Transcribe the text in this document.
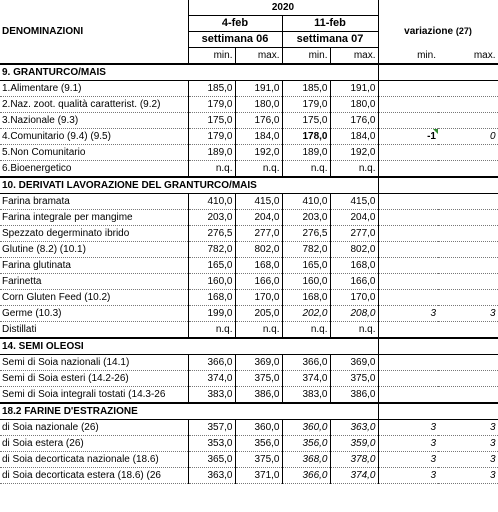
DENOMINAZIONI	2020					
	4-feb		11-feb		variazione (27)	
	settimana 06		settimana 07			
	min.	max.	min.	max.	min.	max.
9. GRANTURCO/MAIS						
1.Alimentare (9.1)	185,0	191,0	185,0	191,0		
2.Naz. zoot. qualità caratterist. (9.2)	179,0	180,0	179,0	180,0		
3.Nazionale (9.3)	175,0	176,0	175,0	176,0		
4.Comunitario (9.4) (9.5)	179,0	184,0	178,0	184,0	-1	0
5.Non Comunitario	189,0	192,0	189,0	192,0		
6.Bioenergetico	n.q.	n.q.	n.q.	n.q.		
10. DERIVATI LAVORAZIONE DEL GRANTURCO/MAIS						
Farina bramata	410,0	415,0	410,0	415,0		
Farina integrale per mangime	203,0	204,0	203,0	204,0		
Spezzato degerminato ibrido	276,5	277,0	276,5	277,0		
Glutine (8.2) (10.1)	782,0	802,0	782,0	802,0		
Farina glutinata	165,0	168,0	165,0	168,0		
Farinetta	160,0	166,0	160,0	166,0		
Corn Gluten Feed (10.2)	168,0	170,0	168,0	170,0		
Germe (10.3)	199,0	205,0	202,0	208,0	3	3
Distillati	n.q.	n.q.	n.q.	n.q.		
14. SEMI OLEOSI						
Semi di Soia nazionali (14.1)	366,0	369,0	366,0	369,0		
Semi di Soia esteri (14.2-26)	374,0	375,0	374,0	375,0		
Semi di Soia integrali tostati (14.3-26	383,0	386,0	383,0	386,0		
18.2 FARINE D'ESTRAZIONE						
di Soia nazionale (26)	357,0	360,0	360,0	363,0	3	3
di Soia estera (26)	353,0	356,0	356,0	359,0	3	3
di Soia decorticata nazionale (18.6)	365,0	375,0	368,0	378,0	3	3
di Soia decorticata estera (18.6) (26	363,0	371,0	366,0	374,0	3	3
